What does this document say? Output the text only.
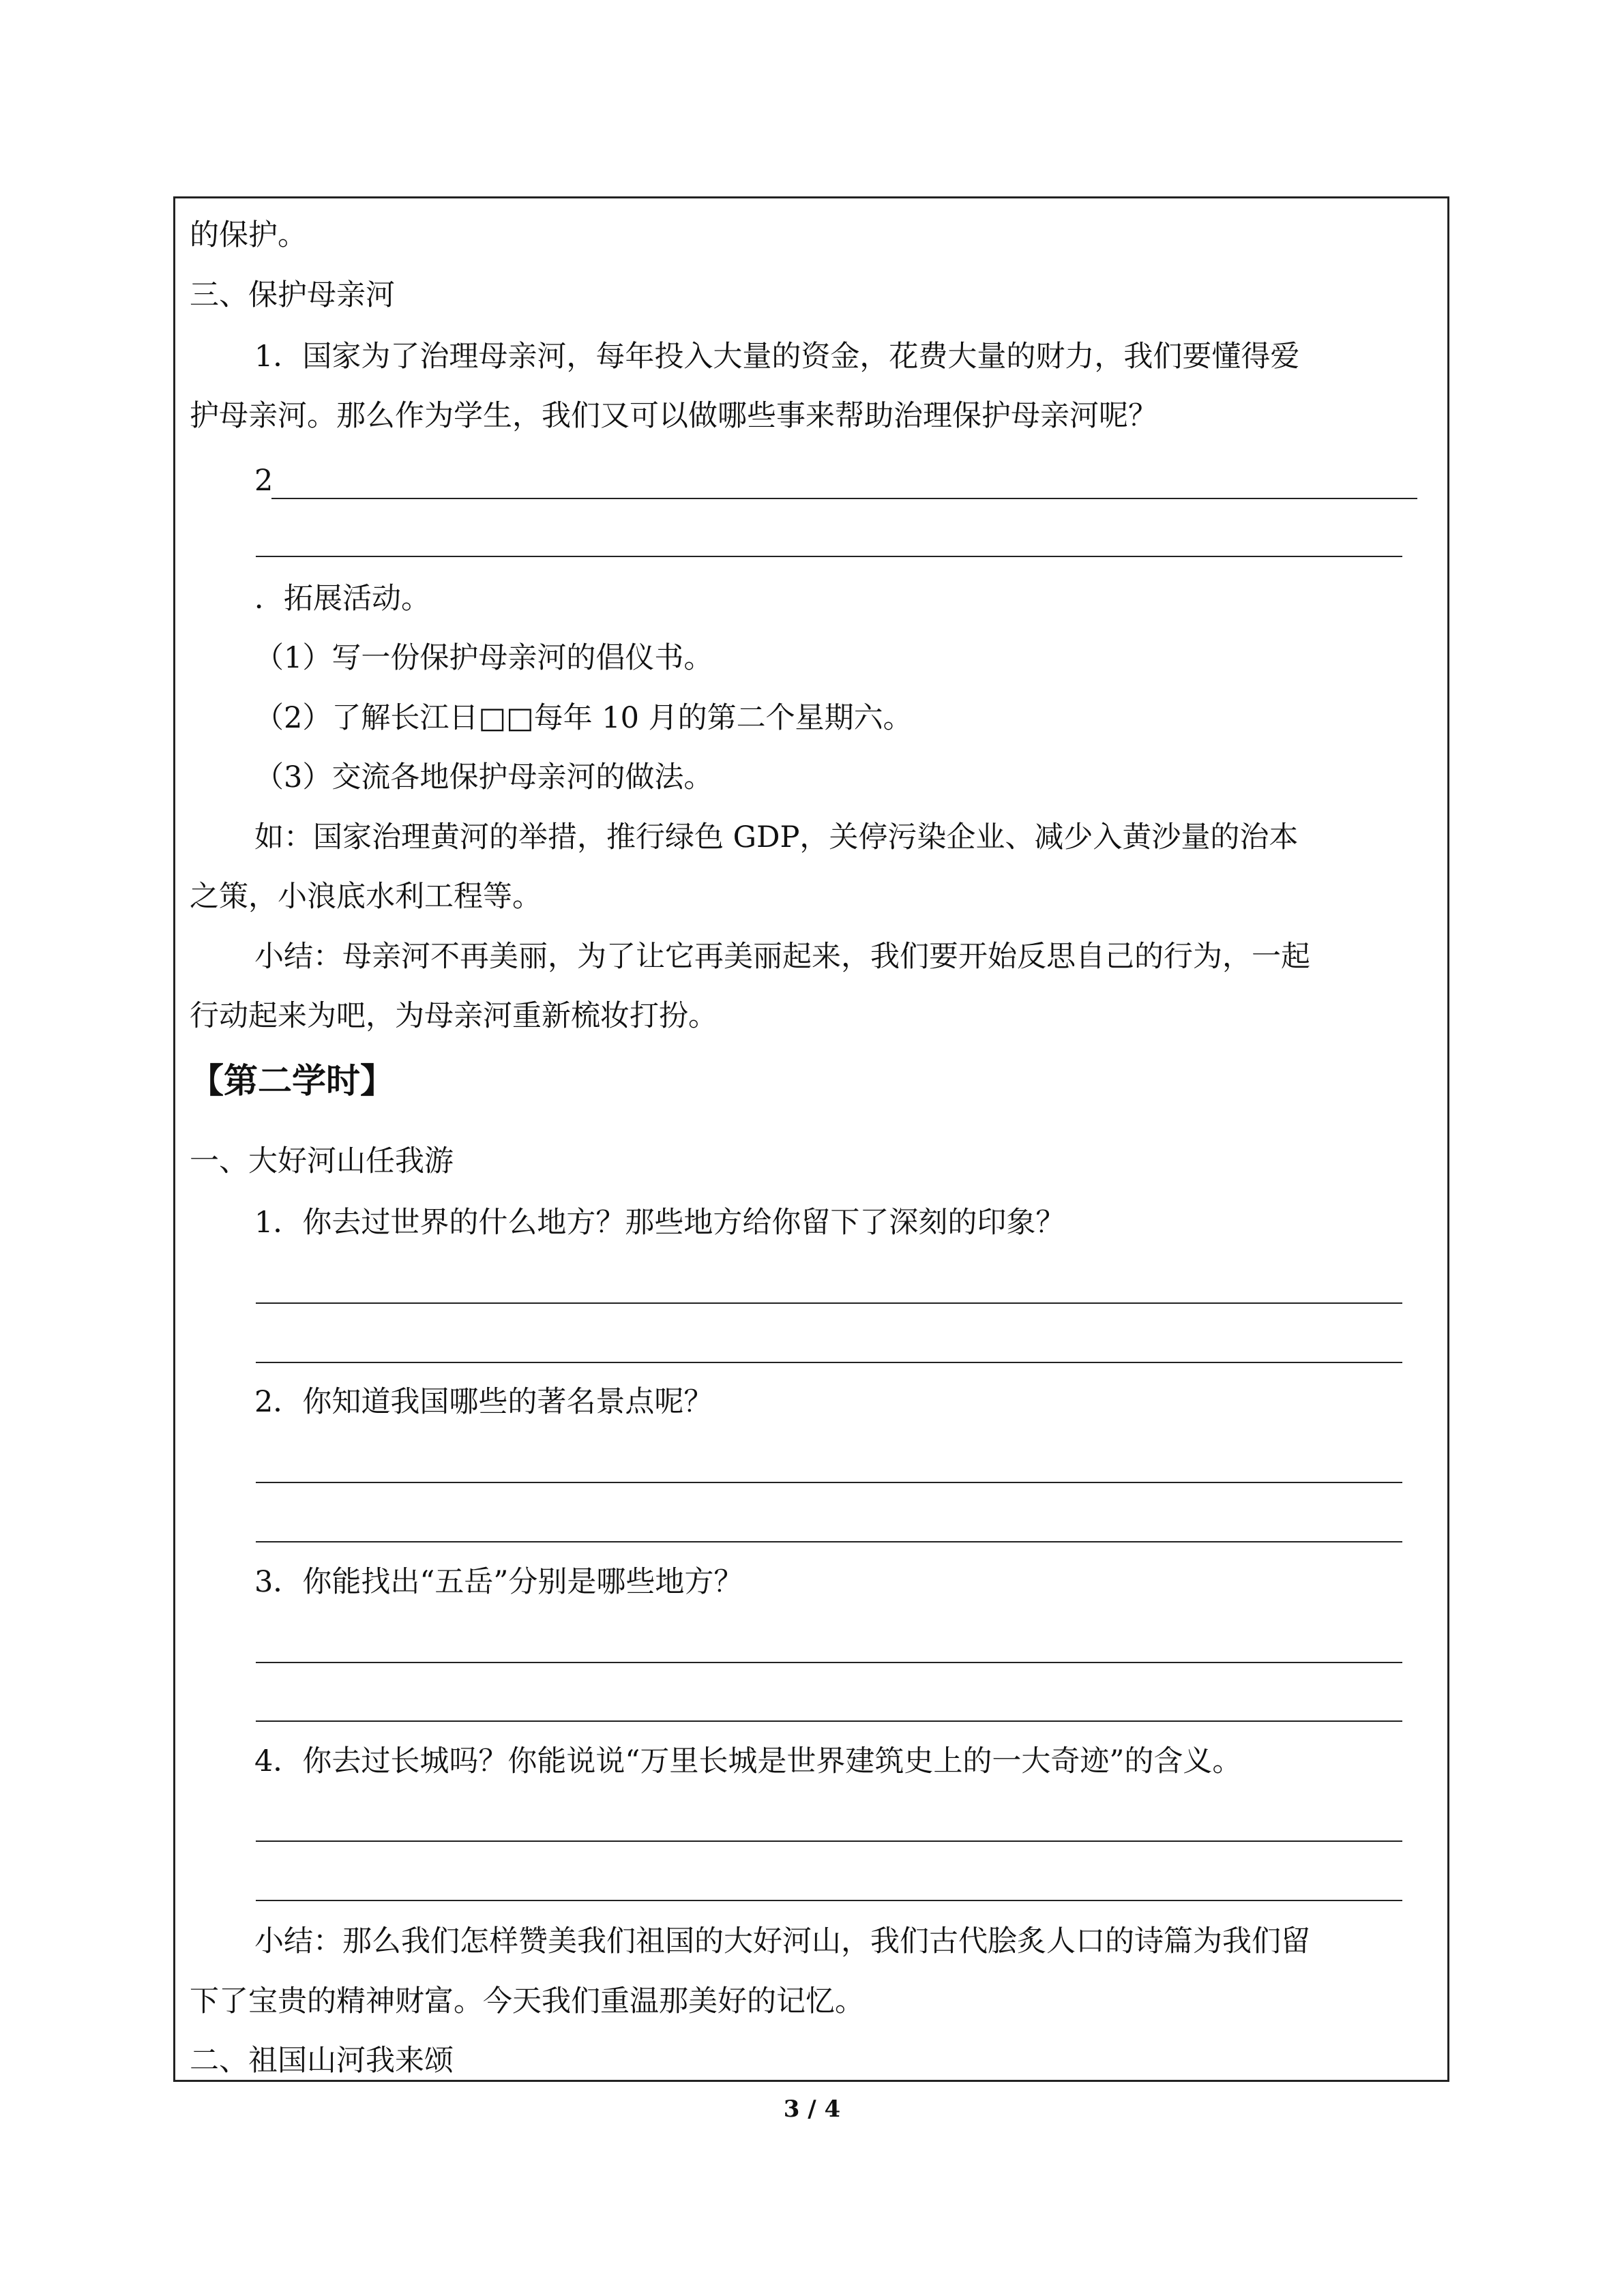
的保护。
三、保护母亲河
1．国家为了治理母亲河，每年投入大量的资金，花费大量的财力，我们要懂得爱
护母亲河。那么作为学生，我们又可以做哪些事来帮助治理保护母亲河呢？
2
．拓展活动。
（1）写一份保护母亲河的倡仪书。
（2）了解长江日□□每年 10 月的第二个星期六。
（3）交流各地保护母亲河的做法。
如：国家治理黄河的举措，推行绿色 GDP，关停污染企业、减少入黄沙量的治本
之策，小浪底水利工程等。
小结：母亲河不再美丽，为了让它再美丽起来，我们要开始反思自己的行为，一起
行动起来为吧，为母亲河重新梳妆打扮。
【第二学时】
一、大好河山任我游
1．你去过世界的什么地方？那些地方给你留下了深刻的印象？
2．你知道我国哪些的著名景点呢？
3．你能找出“五岳”分别是哪些地方？
4．你去过长城吗？你能说说“万里长城是世界建筑史上的一大奇迹”的含义。
小结：那么我们怎样赞美我们祖国的大好河山，我们古代脍炙人口的诗篇为我们留
下了宝贵的精神财富。今天我们重温那美好的记忆。
二、祖国山河我来颂
3 / 4
